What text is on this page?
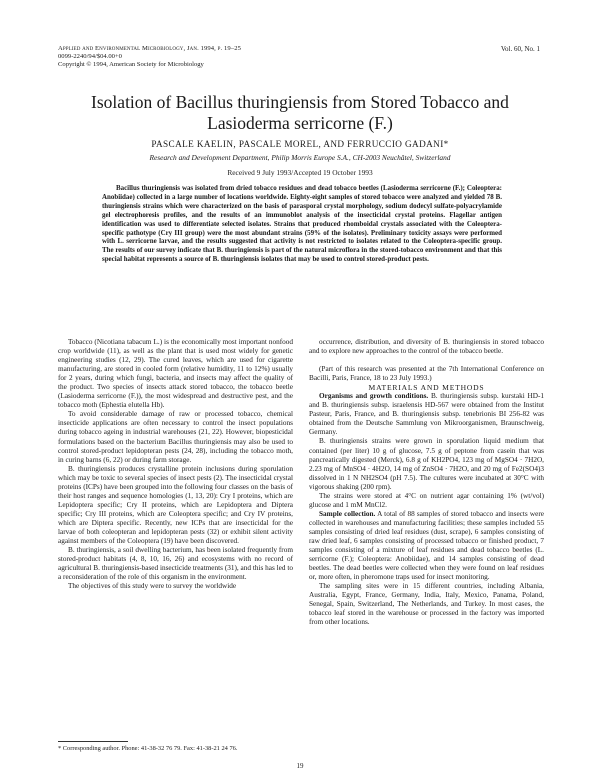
Applied and Environmental Microbiology, Jan. 1994, p. 19–25
0099-2240/94/$04.00+0
Copyright © 1994, American Society for Microbiology
Vol. 60, No. 1
Isolation of Bacillus thuringiensis from Stored Tobacco and
Lasioderma serricorne (F.)
PASCALE KAELIN, PASCALE MOREL, AND FERRUCCIO GADANI*
Research and Development Department, Philip Morris Europe S.A., CH-2003 Neuchâtel, Switzerland
Received 9 July 1993/Accepted 19 October 1993

Bacillus thuringiensis was isolated from dried tobacco residues and dead tobacco beetles (Lasioderma serricorne (F.); Coleoptera: Anobiidae) collected in a large number of locations worldwide. Eighty-eight samples of stored tobacco were analyzed and yielded 78 B. thuringiensis strains which were characterized on the basis of parasporal crystal morphology, sodium dodecyl sulfate-polyacrylamide gel electrophoresis profiles, and the results of an immunoblot analysis of the insecticidal crystal proteins. Flagellar antigen identification was used to differentiate selected isolates. Strains that produced rhomboidal crystals associated with the Coleoptera-specific pathotype (Cry III group) were the most abundant strains (59% of the isolates). Preliminary toxicity assays were performed with L. serricorne larvae, and the results suggested that activity is not restricted to isolates related to the Coleoptera-specific group. The results of our survey indicate that B. thuringiensis is part of the natural microflora in the stored-tobacco environment and that this special habitat represents a source of B. thuringiensis isolates that may be used to control stored-product pests.

Tobacco (Nicotiana tabacum L.) is the economically most important nonfood crop worldwide (11), as well as the plant that is used most widely for genetic engineering studies (12, 29). The cured leaves, which are used for cigarette manufacturing, are stored in cooled form (relative humidity, 11 to 12%) usually for 2 years, during which fungi, bacteria, and insects may affect the quality of the product. Two species of insects attack stored tobacco, the tobacco beetle (Lasioderma serricorne (F.)), the most widespread and destructive pest, and the tobacco moth (Ephestia elutella Hb).

To avoid considerable damage of raw or processed tobacco, chemical insecticide applications are often necessary to control the insect populations during tobacco ageing in industrial warehouses (21, 22). However, biopesticidal formulations based on the bacterium Bacillus thuringiensis may also be used to control stored-product lepidopteran pests (24, 28), including the tobacco moth, in curing barns (6, 22) or during farm storage.

B. thuringiensis produces crystalline protein inclusions during sporulation which may be toxic to several species of insect pests (2). The insecticidal crystal proteins (ICPs) have been grouped into the following four classes on the basis of their host ranges and sequence homologies (1, 13, 20): Cry I proteins, which are Lepidoptera specific; Cry II proteins, which are Lepidoptera and Diptera specific; Cry III proteins, which are Coleoptera specific; and Cry IV proteins, which are Diptera specific. Recently, new ICPs that are insecticidal for the larvae of both coleopteran and lepidopteran pests (32) or exhibit silent activity against members of the Coleoptera (19) have been discovered.

B. thuringiensis, a soil dwelling bacterium, has been isolated frequently from stored-product habitats (4, 8, 10, 16, 26) and ecosystems with no record of agricultural B. thuringiensis-based insecticide treatments (31), and this has led to a reconsideration of the role of this organism in the environment.

The objectives of this study were to survey the worldwide

occurrence, distribution, and diversity of B. thuringiensis in stored tobacco and to explore new approaches to the control of the tobacco beetle.

(Part of this research was presented at the 7th International Conference on Bacilli, Paris, France, 18 to 23 July 1993.)

MATERIALS AND METHODS

Organisms and growth conditions. B. thuringiensis subsp. kurstaki HD-1 and B. thuringiensis subsp. israelensis HD-567 were obtained from the Institut Pasteur, Paris, France, and B. thuringiensis subsp. tenebrionis BI 256-82 was obtained from the Deutsche Sammlung von Mikroorganismen, Braunschweig, Germany.

B. thuringiensis strains were grown in sporulation liquid medium that contained (per liter) 10 g of glucose, 7.5 g of peptone from casein that was pancreatically digested (Merck), 6.8 g of KH2PO4, 123 mg of MgSO4 · 7H2O, 2.23 mg of MnSO4 · 4H2O, 14 mg of ZnSO4 · 7H2O, and 20 mg of Fe2(SO4)3 dissolved in 1 N NH2SO4 (pH 7.5). The cultures were incubated at 30°C with vigorous shaking (200 rpm).

The strains were stored at 4°C on nutrient agar containing 1% (wt/vol) glucose and 1 mM MnCl2.

Sample collection. A total of 88 samples of stored tobacco and insects were collected in warehouses and manufacturing facilities; these samples included 55 samples consisting of dried leaf residues (dust, scrape), 6 samples consisting of raw dried leaf, 6 samples consisting of processed tobacco or finished product, 7 samples consisting of a mixture of leaf residues and dead tobacco beetles (L. serricorne (F.); Coleoptera: Anobiidae), and 14 samples consisting of dead beetles. The dead beetles were collected when they were found on leaf residues or, more often, in pheromone traps used for insect monitoring.

The sampling sites were in 15 different countries, including Albania, Australia, Egypt, France, Germany, India, Italy, Mexico, Panama, Poland, Senegal, Spain, Switzerland, The Netherlands, and Turkey. In most cases, the tobacco leaf stored in the warehouse or processed in the factory was imported from other locations.

* Corresponding author. Phone: 41-38-32 76 79. Fax: 41-38-21 24 76.
19
